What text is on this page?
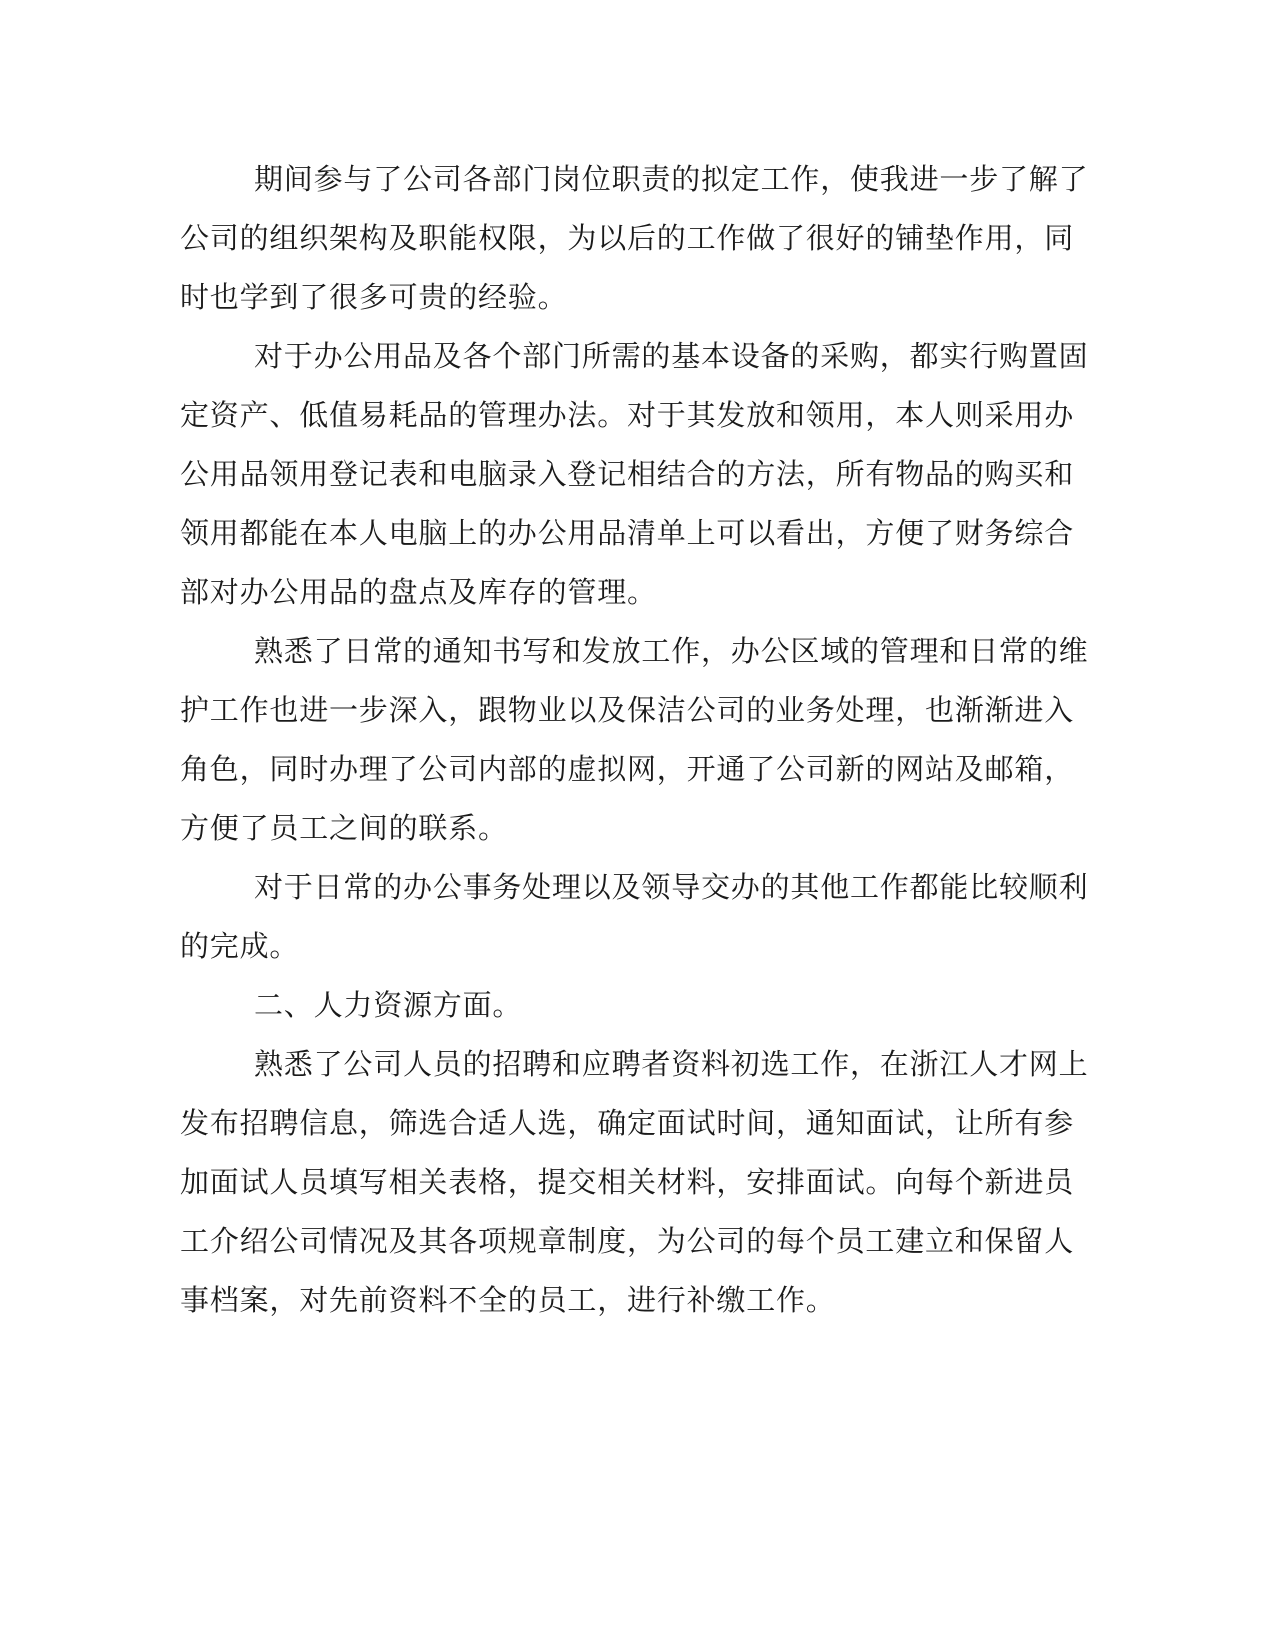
期间参与了公司各部门岗位职责的拟定工作，使我进一步了解了
公司的组织架构及职能权限，为以后的工作做了很好的铺垫作用，同
时也学到了很多可贵的经验。
对于办公用品及各个部门所需的基本设备的采购，都实行购置固
定资产、低值易耗品的管理办法。对于其发放和领用，本人则采用办
公用品领用登记表和电脑录入登记相结合的方法，所有物品的购买和
领用都能在本人电脑上的办公用品清单上可以看出，方便了财务综合
部对办公用品的盘点及库存的管理。
熟悉了日常的通知书写和发放工作，办公区域的管理和日常的维
护工作也进一步深入，跟物业以及保洁公司的业务处理，也渐渐进入
角色，同时办理了公司内部的虚拟网，开通了公司新的网站及邮箱，
方便了员工之间的联系。
对于日常的办公事务处理以及领导交办的其他工作都能比较顺利
的完成。
二、人力资源方面。
熟悉了公司人员的招聘和应聘者资料初选工作，在浙江人才网上
发布招聘信息，筛选合适人选，确定面试时间，通知面试，让所有参
加面试人员填写相关表格，提交相关材料，安排面试。向每个新进员
工介绍公司情况及其各项规章制度，为公司的每个员工建立和保留人
事档案，对先前资料不全的员工，进行补缴工作。
